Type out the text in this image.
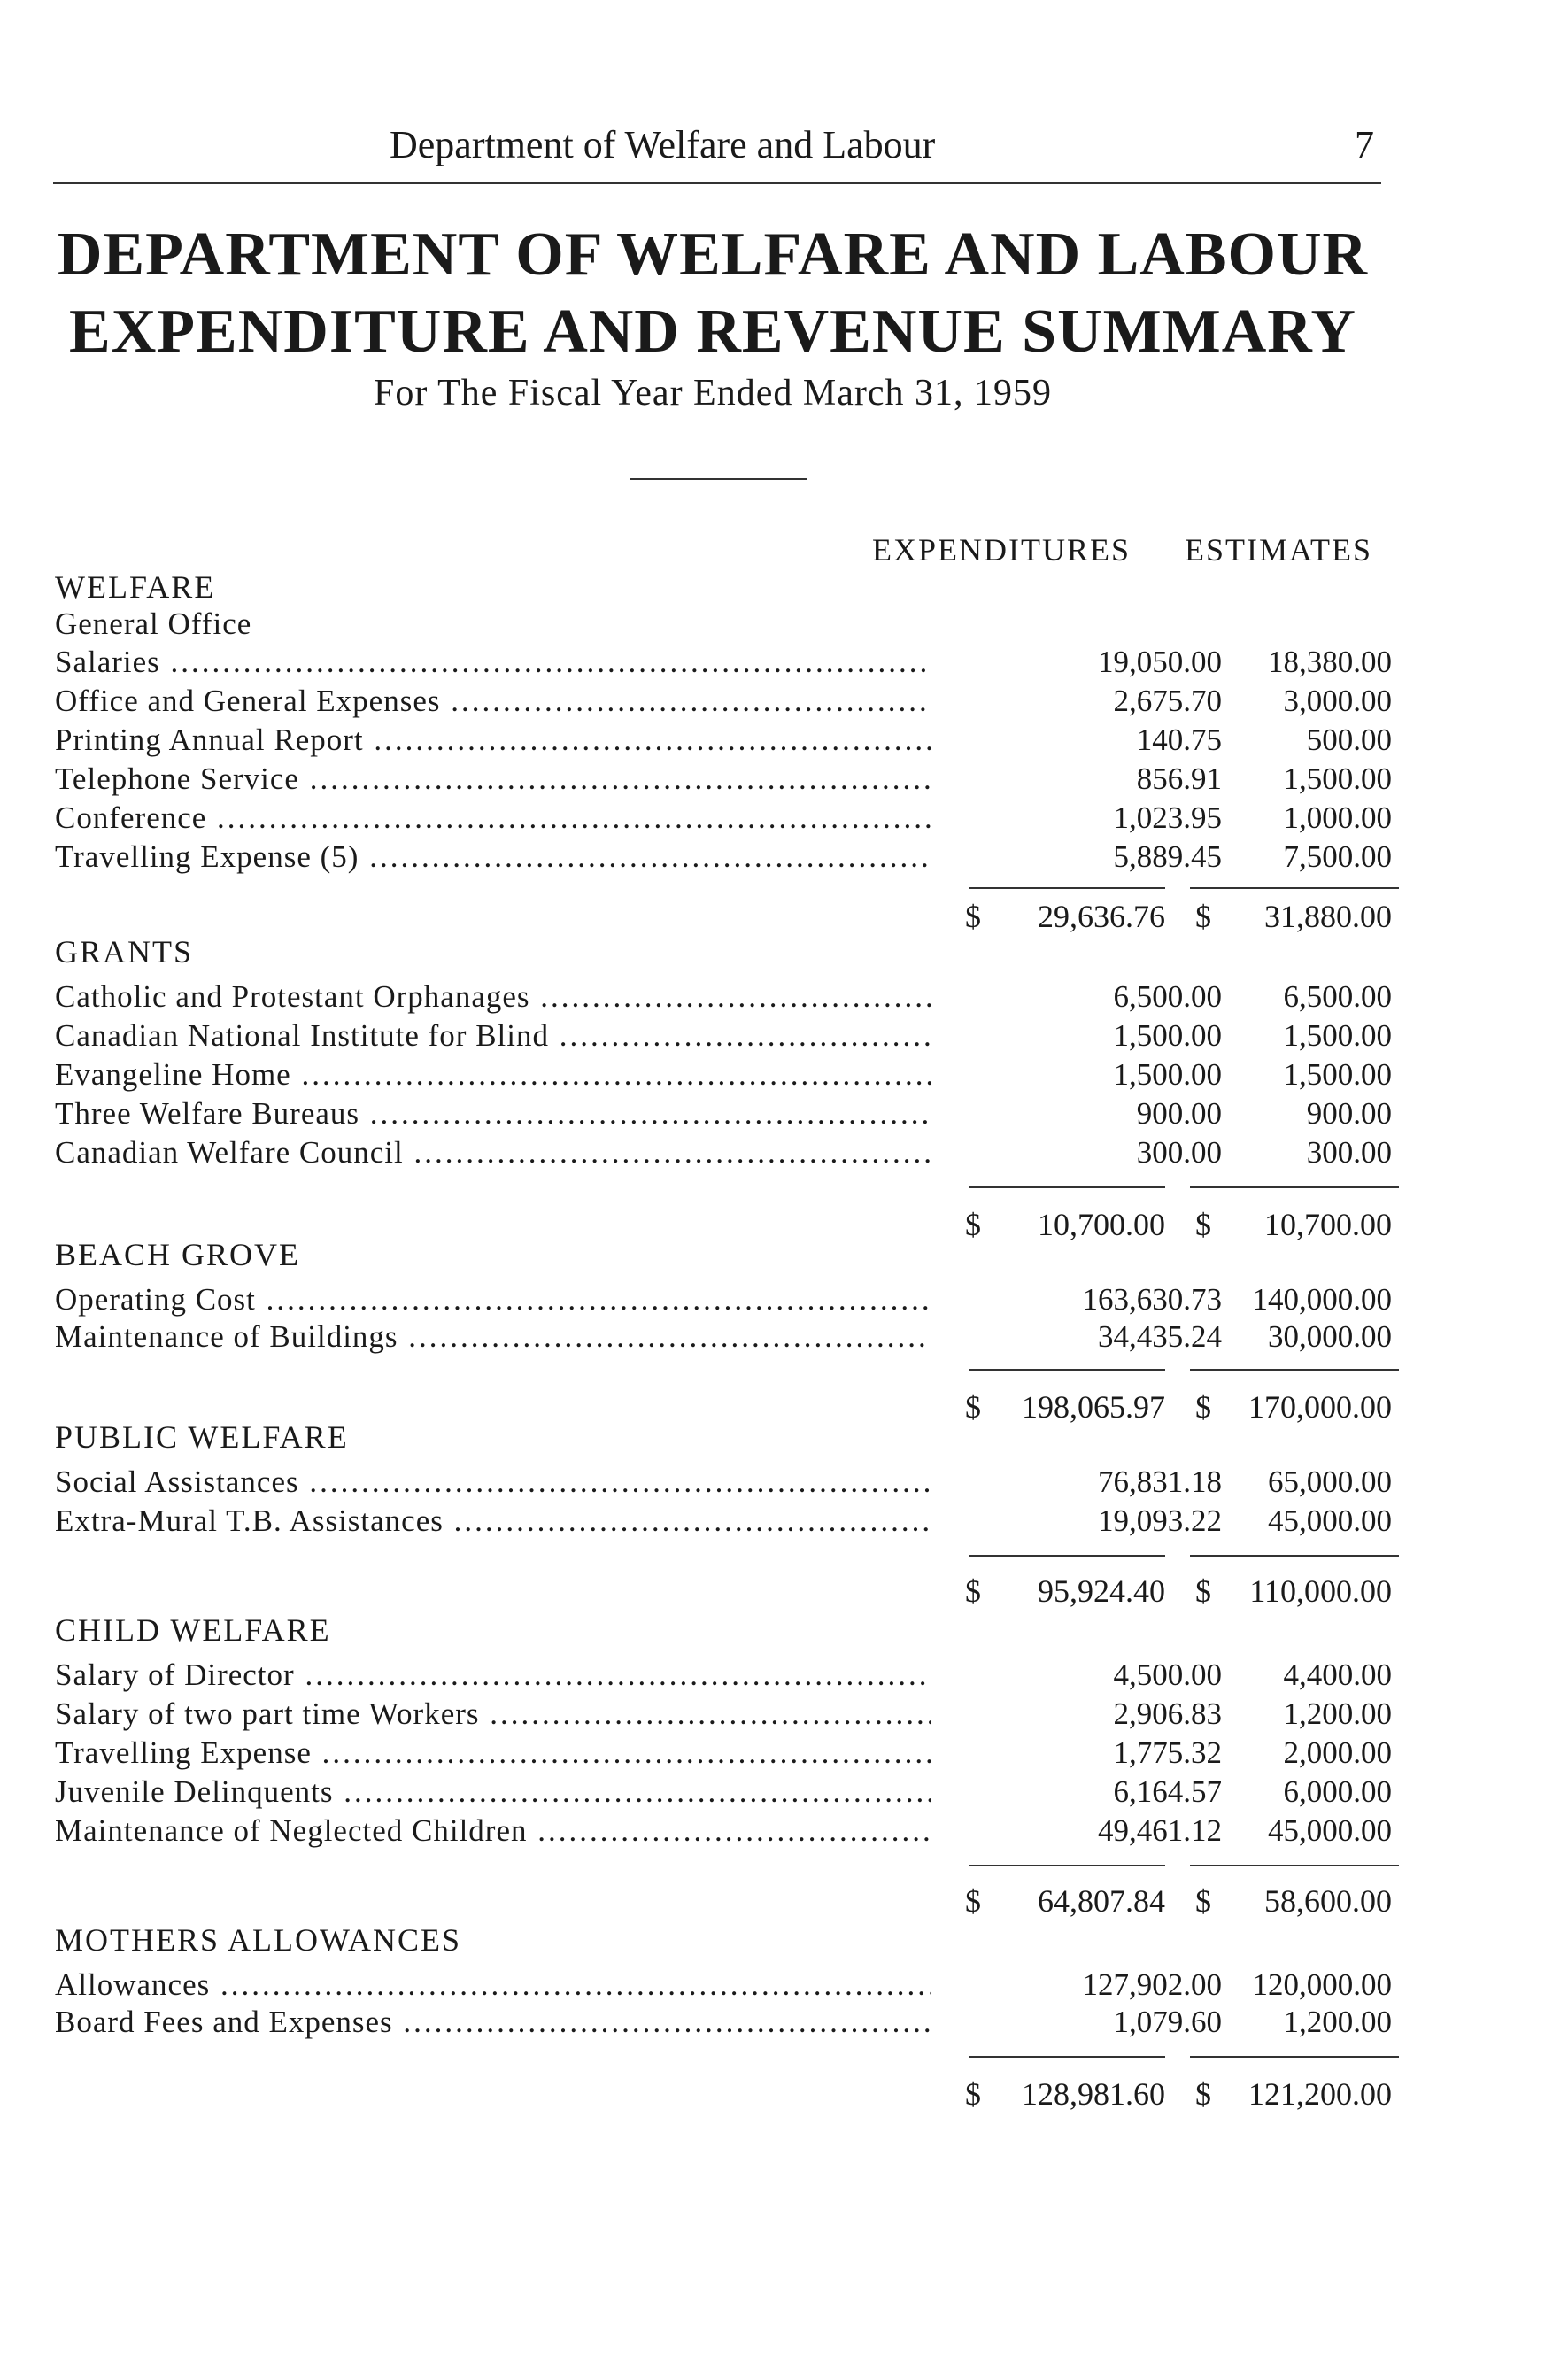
Department of Welfare and Labour	7
DEPARTMENT OF WELFARE AND LABOUR
EXPENDITURE AND REVENUE SUMMARY
For The Fiscal Year Ended March 31, 1959
EXPENDITURES ESTIMATES
WELFARE
General Office
Salaries .....	19,050.00 18,380.00
Office and General Expenses .....	2,675.70 3,000.00
Printing Annual Report .....	140.75	500.00
Telephone Service .....	856.91 1,500.00
Conference .....	1,023.95 1,000.00
Travelling Expense (5) .....	5,889.45 7,500.00
$ 29,636.76 $ 31,880.00
GRANTS
Catholic and Protestant Orphanages .....	6,500.00 6,500.00
Canadian National Institute for Blind .....	1,500.00 1,500.00
Evangeline Home .....	1,500.00 1,500.00
Three Welfare Bureaus .....	900.00	900.00
Canadian Welfare Council .....	300.00	300.00
$ 10,700.00 $ 10,700.00
BEACH GROVE
Operating Cost .....	163,630.73 140,000.00
Maintenance of Buildings .....	34,435.24 30,000.00
$ 198,065.97 $ 170,000.00
PUBLIC WELFARE
Social Assistances .....	76,831.18 65,000.00
Extra-Mural T.B. Assistances .....	19,093.22 45,000.00
$ 95,924.40 $ 110,000.00
CHILD WELFARE
Salary of Director .....	4,500.00 4,400.00
Salary of two part time Workers .....	2,906.83 1,200.00
Travelling Expense .....	1,775.32 2,000.00
Juvenile Delinquents .....	6,164.57 6,000.00
Maintenance of Neglected Children .....	49,461.12 45,000.00
$ 64,807.84 $ 58,600.00
MOTHERS ALLOWANCES
Allowances .....	127,902.00 120,000.00
Board Fees and Expenses .....	1,079.60 1,200.00
$ 128,981.60 $ 121,200.00
